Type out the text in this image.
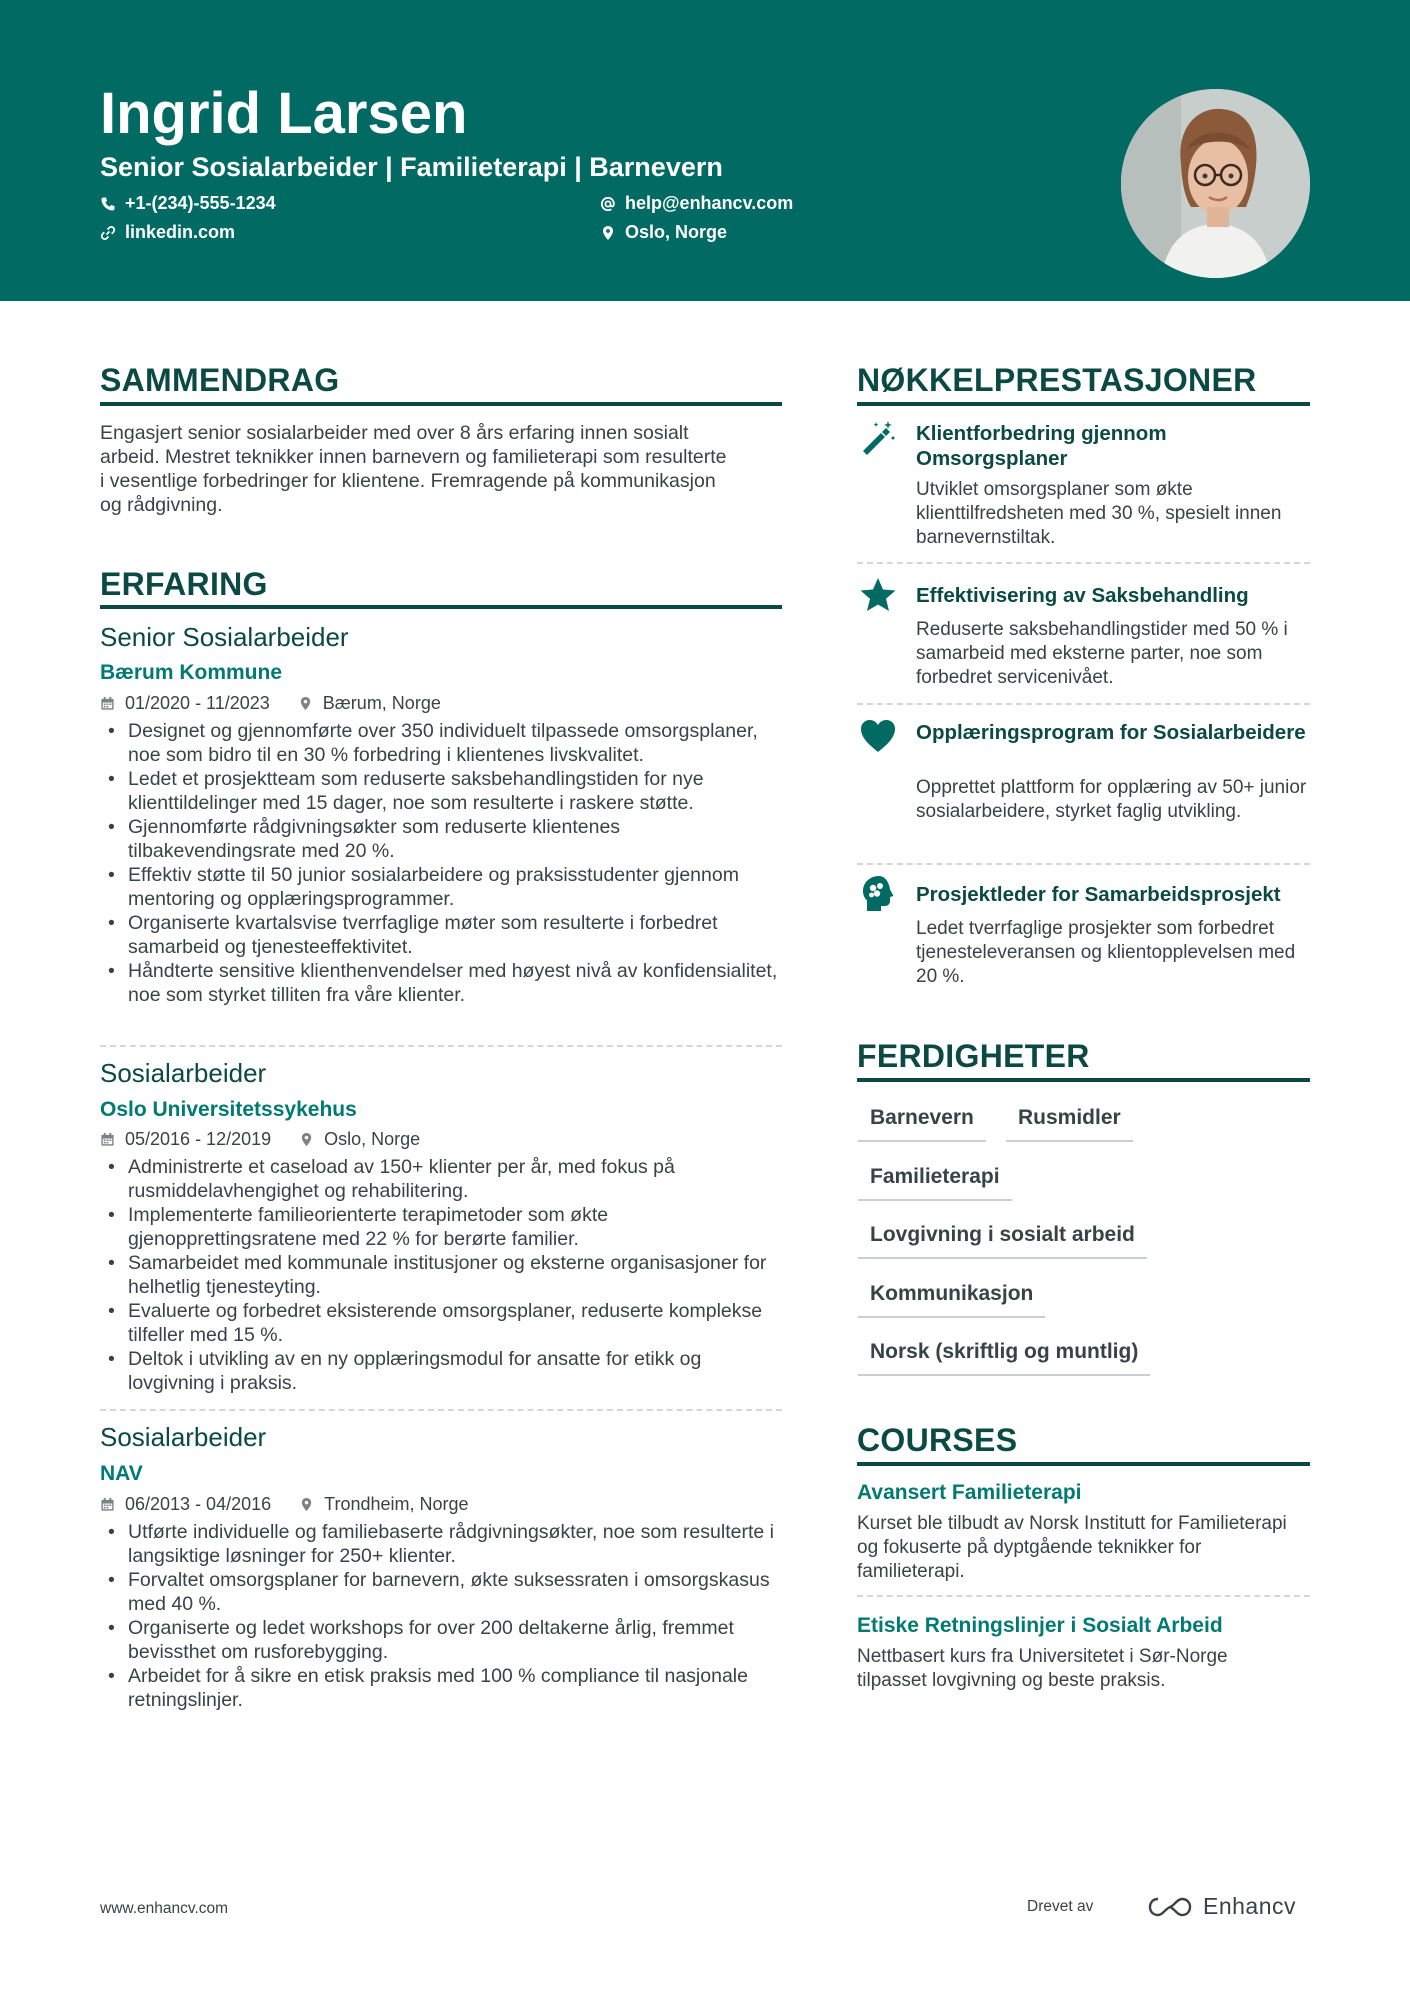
Ingrid Larsen
Senior Sosialarbeider | Familieterapi | Barnevern
+1-(234)-555-1234	help@enhancv.com
linkedin.com	Oslo, Norge
SAMMENDRAG
Engasjert senior sosialarbeider med over 8 års erfaring innen sosialt
arbeid. Mestret teknikker innen barnevern og familieterapi som resulterte
i vesentlige forbedringer for klientene. Fremragende på kommunikasjon
og rådgivning.
ERFARING
Senior Sosialarbeider
Bærum Kommune
01/2020 - 11/2023	Bærum, Norge
• Designet og gjennomførte over 350 individuelt tilpassede omsorgsplaner, noe som bidro til en 30 % forbedring i klientenes livskvalitet.
• Ledet et prosjektteam som reduserte saksbehandlingstiden for nye klienttildelinger med 15 dager, noe som resulterte i raskere støtte.
• Gjennomførte rådgivningsøkter som reduserte klientenes tilbakevendingsrate med 20 %.
• Effektiv støtte til 50 junior sosialarbeidere og praksisstudenter gjennom mentoring og opplæringsprogrammer.
• Organiserte kvartalsvise tverrfaglige møter som resulterte i forbedret samarbeid og tjenesteeffektivitet.
• Håndterte sensitive klienthenvendelser med høyest nivå av konfidensialitet, noe som styrket tilliten fra våre klienter.
Sosialarbeider
Oslo Universitetssykehus
05/2016 - 12/2019	Oslo, Norge
• Administrerte et caseload av 150+ klienter per år, med fokus på rusmiddelavhengighet og rehabilitering.
• Implementerte familieorienterte terapimetoder som økte gjenopprettingsratene med 22 % for berørte familier.
• Samarbeidet med kommunale institusjoner og eksterne organisasjoner for helhetlig tjenesteyting.
• Evaluerte og forbedret eksisterende omsorgsplaner, reduserte komplekse tilfeller med 15 %.
• Deltok i utvikling av en ny opplæringsmodul for ansatte for etikk og lovgivning i praksis.
Sosialarbeider
NAV
06/2013 - 04/2016	Trondheim, Norge
• Utførte individuelle og familiebaserte rådgivningsøkter, noe som resulterte i langsiktige løsninger for 250+ klienter.
• Forvaltet omsorgsplaner for barnevern, økte suksessraten i omsorgskasus med 40 %.
• Organiserte og ledet workshops for over 200 deltakerne årlig, fremmet bevissthet om rusforebygging.
• Arbeidet for å sikre en etisk praksis med 100 % compliance til nasjonale retningslinjer.
NØKKELPRESTASJONER
Klientforbedring gjennom Omsorgsplaner
Utviklet omsorgsplaner som økte klienttilfredsheten med 30 %, spesielt innen barnevernstiltak.
Effektivisering av Saksbehandling
Reduserte saksbehandlingstider med 50 % i samarbeid med eksterne parter, noe som forbedret servicenivået.
Opplæringsprogram for Sosialarbeidere
Opprettet plattform for opplæring av 50+ junior sosialarbeidere, styrket faglig utvikling.
Prosjektleder for Samarbeidsprosjekt
Ledet tverrfaglige prosjekter som forbedret tjenesteleveransen og klientopplevelsen med 20 %.
FERDIGHETER
Barnevern	Rusmidler
Familieterapi
Lovgivning i sosialt arbeid
Kommunikasjon
Norsk (skriftlig og muntlig)
COURSES
Avansert Familieterapi
Kurset ble tilbudt av Norsk Institutt for Familieterapi og fokuserte på dyptgående teknikker for familieterapi.
Etiske Retningslinjer i Sosialt Arbeid
Nettbasert kurs fra Universitetet i Sør-Norge tilpasset lovgivning og beste praksis.
www.enhancv.com	Drevet av	Enhancv
